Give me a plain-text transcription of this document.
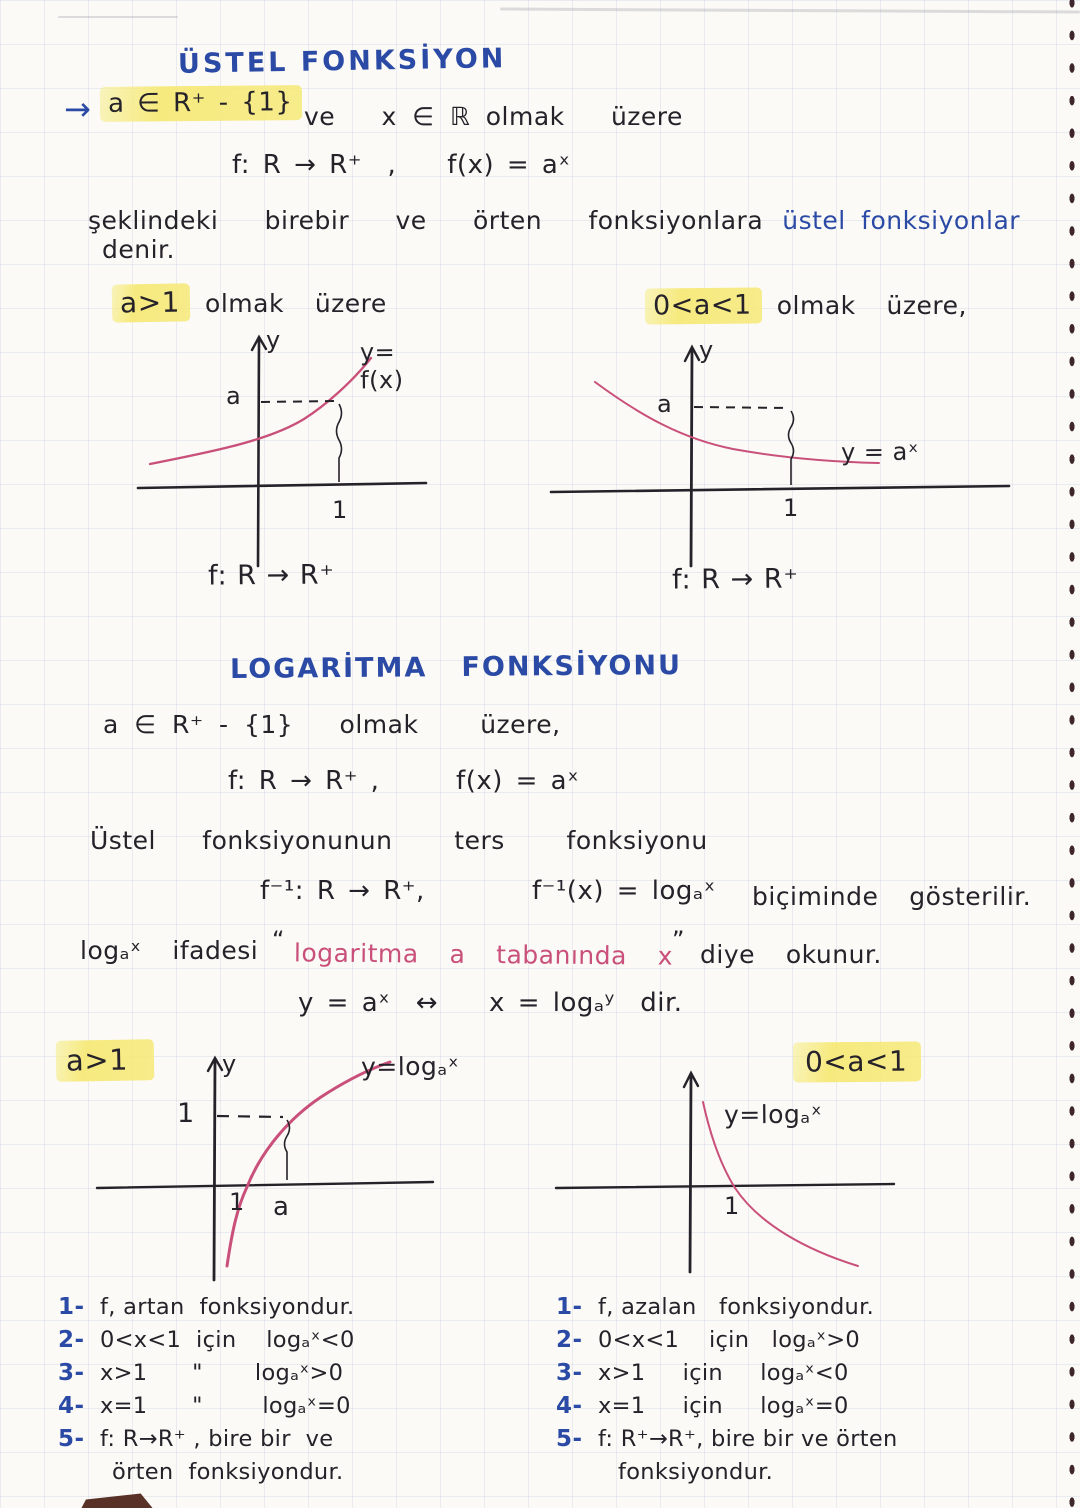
ÜSTEL FONKSİYON
→ a ∈ R⁺ - {1} ve   x ∈ ℝ olmak   üzere
f: R → R⁺  ,    f(x) = aˣ
şeklindeki   birebir   ve   örten   fonksiyonlara üstel fonksiyonlar denir.
a>1 olmak  üzere	0<a<1 olmak  üzere,
y
a
1
y= f(x)
f: R → R⁺
y
a
1
y = aˣ
f: R → R⁺
LOGARİTMA   FONKSİYONU
a ∈ R⁺ - {1}   olmak    üzere,
f: R → R⁺ ,      f(x) = aˣ
Üstel   fonksiyonunun    ters    fonksiyonu
f⁻¹: R → R⁺,	f⁻¹(x) = logₐˣ biçiminde  gösterilir.
logₐˣ  ifadesi “ logaritma  a  tabanında  x
” diye  okunur.
y = aˣ  ↔    x = logₐʸ  dir.
a>1	y
1
1 a
y=logₐˣ	0<a<1
y=logₐˣ
1
1- f, artan  fonksiyondur.
2- 0<x<1  için    logₐˣ<0
3- x>1      "       logₐˣ>0
4- x=1      "        logₐˣ=0
5- f: R→R⁺ , bire bir  ve
örten  fonksiyondur.
1- f, azalan   fonksiyondur.
2- 0<x<1    için   logₐˣ>0
3- x>1     için     logₐˣ<0
4- x=1     için     logₐˣ=0
5- f: R⁺→R⁺, bire bir ve örten
fonksiyondur.
